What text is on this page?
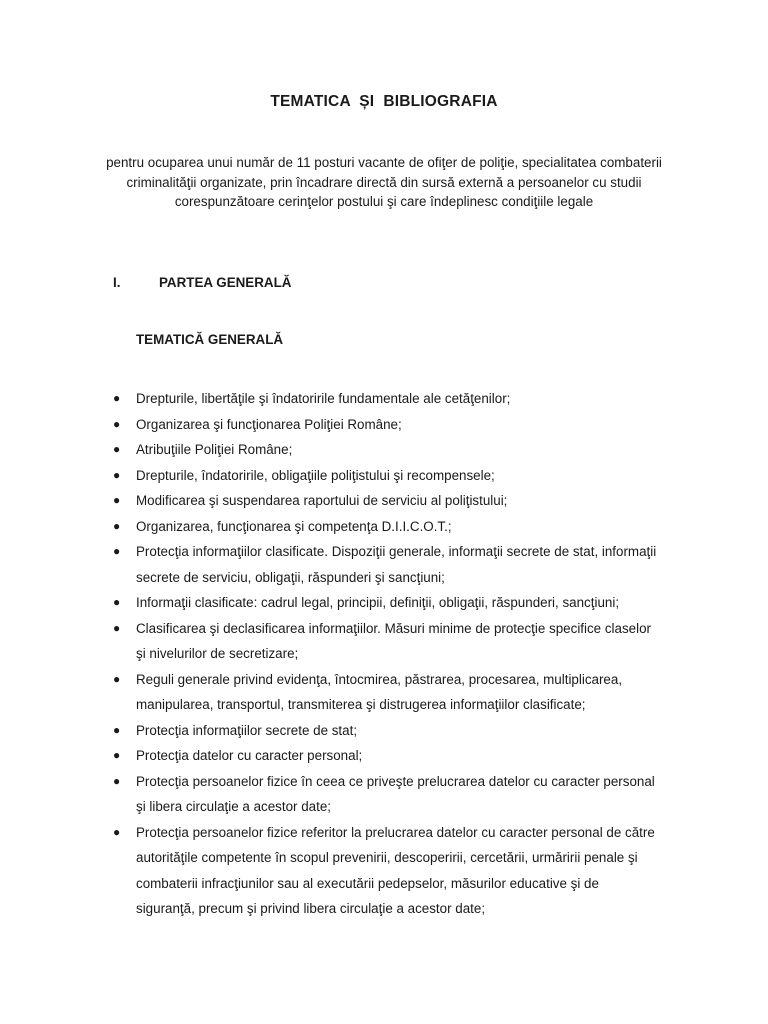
TEMATICA  ȘI  BIBLIOGRAFIA
pentru ocuparea unui număr de 11 posturi vacante de ofiţer de poliţie, specialitatea combaterii
criminalităţii organizate, prin încadrare directă din sursă externă a persoanelor cu studii
corespunzătoare cerinţelor postului şi care îndeplinesc condiţiile legale
I.	PARTEA GENERALĂ
TEMATICĂ GENERALĂ
● Drepturile, libertăţile şi îndatoririle fundamentale ale cetăţenilor;
● Organizarea şi funcţionarea Poliţiei Române;
● Atribuţiile Poliţiei Române;
● Drepturile, îndatoririle, obligaţiile poliţistului şi recompensele;
● Modificarea şi suspendarea raportului de serviciu al poliţistului;
● Organizarea, funcţionarea şi competenţa D.I.I.C.O.T.;
● Protecţia informaţiilor clasificate. Dispoziţii generale, informaţii secrete de stat, informaţii
secrete de serviciu, obligaţii, răspunderi şi sancţiuni;
● Informaţii clasificate: cadrul legal, principii, definiţii, obligaţii, răspunderi, sancţiuni;
● Clasificarea şi declasificarea informaţiilor. Măsuri minime de protecţie specifice claselor
şi nivelurilor de secretizare;
● Reguli generale privind evidenţa, întocmirea, păstrarea, procesarea, multiplicarea,
manipularea, transportul, transmiterea şi distrugerea informaţiilor clasificate;
● Protecţia informaţiilor secrete de stat;
● Protecţia datelor cu caracter personal;
● Protecţia persoanelor fizice în ceea ce priveşte prelucrarea datelor cu caracter personal
şi libera circulaţie a acestor date;
● Protecţia persoanelor fizice referitor la prelucrarea datelor cu caracter personal de către
autorităţile competente în scopul prevenirii, descoperirii, cercetării, urmăririi penale şi
combaterii infracţiunilor sau al executării pedepselor, măsurilor educative şi de
siguranţă, precum şi privind libera circulaţie a acestor date;
